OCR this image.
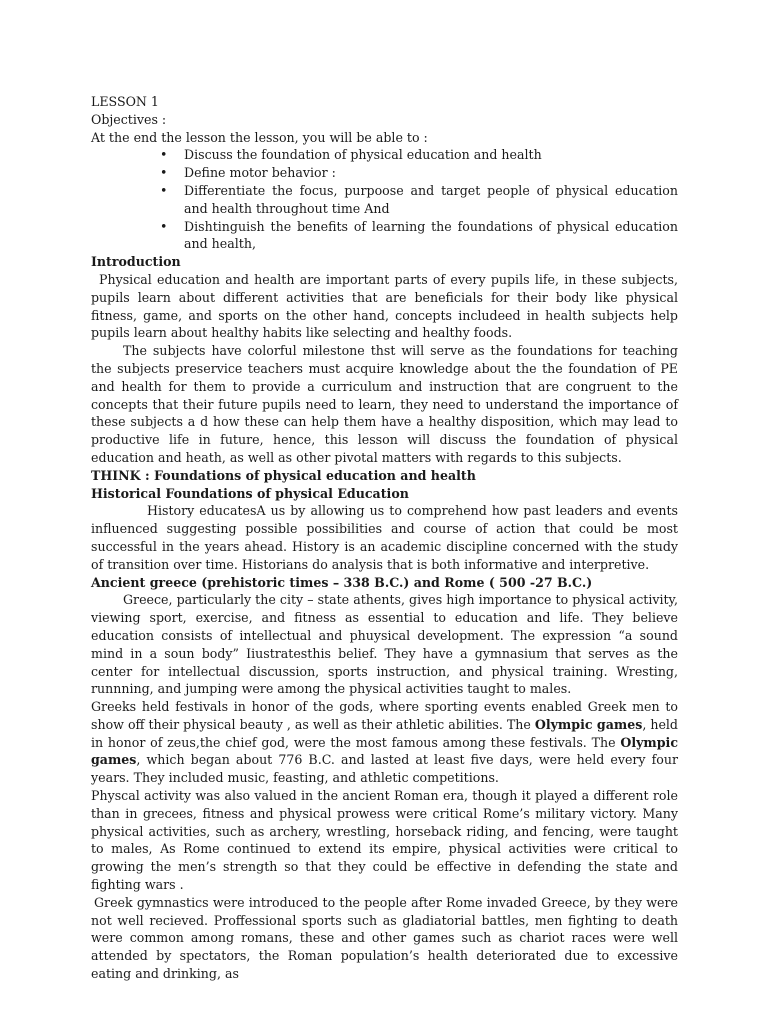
LESSON 1

Objectives :

At the end the lesson the lesson, you will be able to :

• Discuss the foundation of physical education and health
• Define motor behavior :
• Differentiate the focus, purpoose and target people of physical education and health throughout time And
• Dishtinguish the benefits of learning the foundations of physical education and health,

Introduction

Physical education and health are important parts of every pupils life, in these subjects, pupils learn about different activities that are beneficials for their body like physical fitness, game, and sports on the other hand, concepts includeed in health subjects help pupils learn about healthy habits like selecting and healthy foods.

The subjects have colorful milestone thst will serve as the foundations for teaching the subjects preservice teachers must acquire knowledge about the the foundation of PE and health for them to provide a curriculum and instruction that are congruent to the concepts that their future pupils need to learn, they need to understand the importance of these subjects a d how these can help them have a healthy disposition, which may lead to productive life in future, hence, this lesson will discuss the foundation of physical education and heath, as well as other pivotal matters with regards to this subjects.

THINK : Foundations of physical education and health

Historical Foundations of physical Education

History educatesA us by allowing us to comprehend how past leaders and events influenced suggesting possible possibilities and course of action that could be most successful in the years ahead. History is an academic discipline concerned with the study of transition over time. Historians do analysis that is both informative and interpretive.

Ancient greece (prehistoric times – 338 B.C.) and Rome ( 500 -27 B.C.)

Greece, particularly the city – state athents, gives high importance to physical activity, viewing sport, exercise, and fitness as essential to education and life. They believe education consists of intellectual and phuysical development. The expression “a sound mind in a soun body” Iiustratesthis belief. They have a gymnasium that serves as the center for intellectual discussion, sports instruction, and physical training. Wresting, runnning, and jumping were among the physical activities taught to males.

Greeks held festivals in honor of the gods, where sporting events enabled Greek men to show off their physical beauty , as well as their athletic abilities. The Olympic games, held in honor of zeus,the chief god, were the most famous among these festivals. The Olympic games, which began about 776 B.C. and lasted at least five days, were held every four years. They included music, feasting, and athletic competitions.

Physcal activity was also valued in the ancient Roman era, though it played a different role than in grecees, fitness and physical prowess were critical Rome’s military victory. Many physical activities, such as archery, wrestling, horseback riding, and fencing, were taught to males, As Rome continued to extend its empire, physical activities were critical to growing the men’s strength so that they could be effective in defending the state and fighting wars .

Greek gymnastics were introduced to the people after Rome invaded Greece, by they were not well recieved. Proffessional sports such as gladiatorial battles, men fighting to death were common among romans, these and other games such as chariot races were well attended by spectators, the Roman population’s health deteriorated due to excessive eating and drinking, as
